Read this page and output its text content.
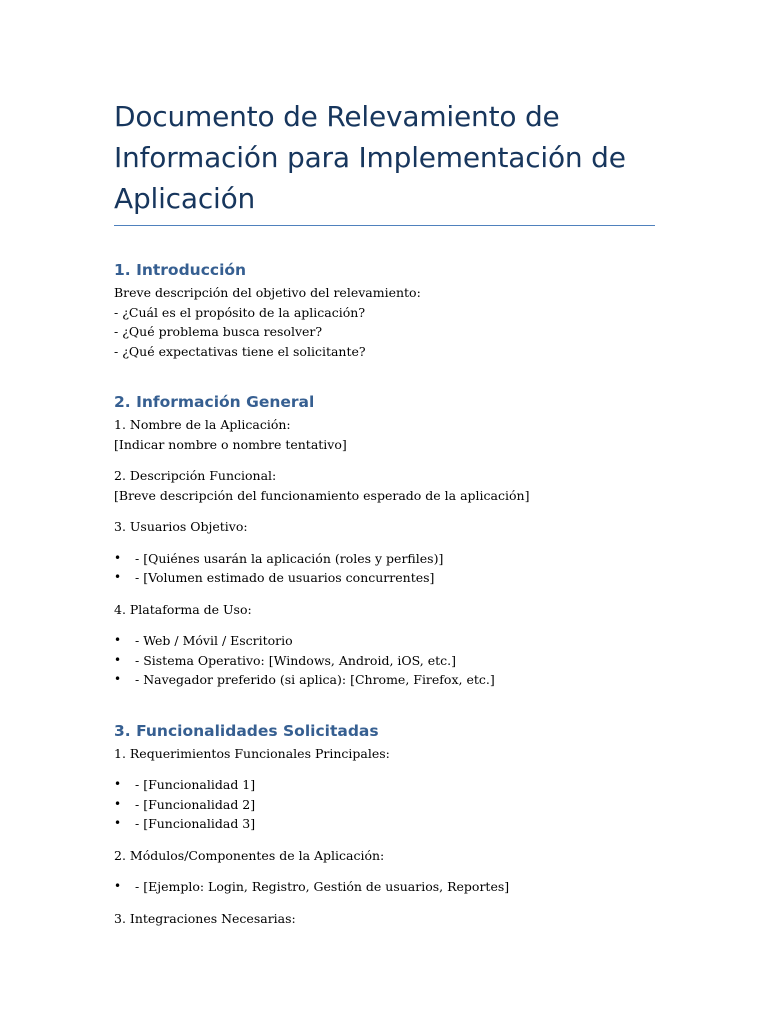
Documento de Relevamiento de
Información para Implementación de
Aplicación
1. Introducción

Breve descripción del objetivo del relevamiento:
- ¿Cuál es el propósito de la aplicación?
- ¿Qué problema busca resolver?
- ¿Qué expectativas tiene el solicitante?

2. Información General

1. Nombre de la Aplicación:
[Indicar nombre o nombre tentativo]

2. Descripción Funcional:
[Breve descripción del funcionamiento esperado de la aplicación]

3. Usuarios Objetivo:

• - [Quiénes usarán la aplicación (roles y perfiles)]
• - [Volumen estimado de usuarios concurrentes]

4. Plataforma de Uso:

• - Web / Móvil / Escritorio
• - Sistema Operativo: [Windows, Android, iOS, etc.]
• - Navegador preferido (si aplica): [Chrome, Firefox, etc.]
3. Funcionalidades Solicitadas

1. Requerimientos Funcionales Principales:

• - [Funcionalidad 1]
• - [Funcionalidad 2]
• - [Funcionalidad 3]

2. Módulos/Componentes de la Aplicación:

• - [Ejemplo: Login, Registro, Gestión de usuarios, Reportes]

3. Integraciones Necesarias:
